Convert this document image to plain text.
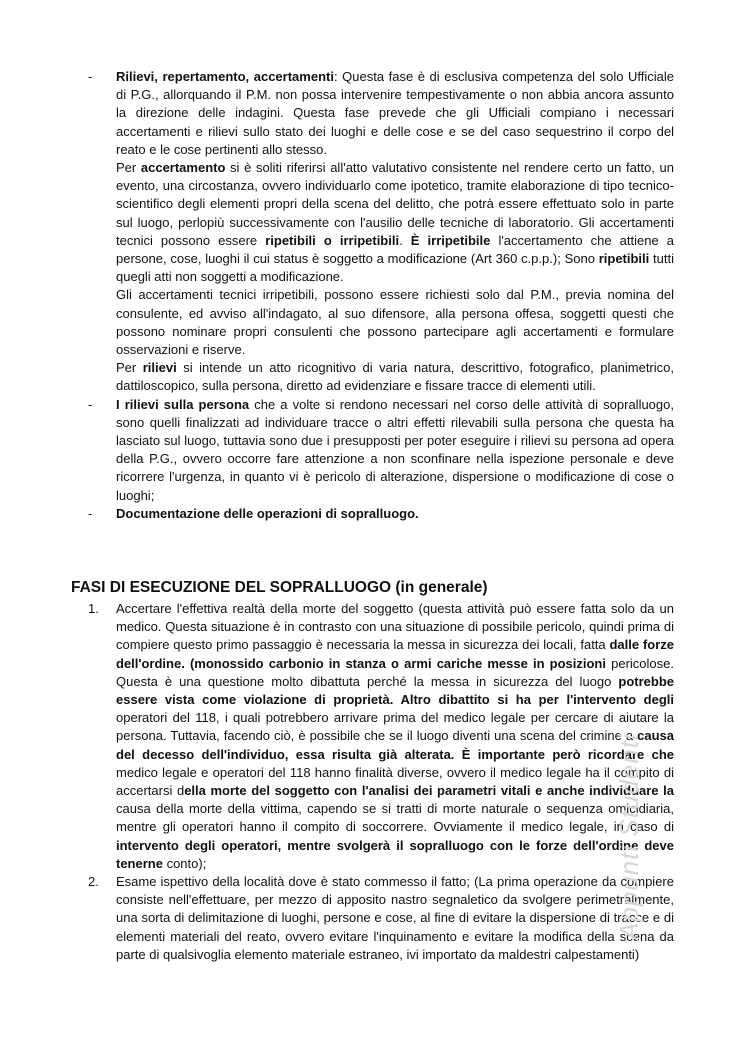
-	Rilievi, repertamento, accertamenti: Questa fase è di esclusiva competenza del solo Ufficiale di P.G., allorquando il P.M. non possa intervenire tempestivamente o non abbia ancora assunto la direzione delle indagini. Questa fase prevede che gli Ufficiali compiano i necessari accertamenti e rilievi sullo stato dei luoghi e delle cose e se del caso sequestrino il corpo del reato e le cose pertinenti allo stesso.

Per accertamento si è soliti riferirsi all'atto valutativo consistente nel rendere certo un fatto, un evento, una circostanza, ovvero individuarlo come ipotetico, tramite elaborazione di tipo tecnico-scientifico degli elementi propri della scena del delitto, che potrà essere effettuato solo in parte sul luogo, perlopiù successivamente con l'ausilio delle tecniche di laboratorio. Gli accertamenti tecnici possono essere ripetibili o irripetibili. È irripetibile l'accertamento che attiene a persone, cose, luoghi il cui status è soggetto a modificazione (Art 360 c.p.p.); Sono ripetibili tutti quegli atti non soggetti a modificazione.

Gli accertamenti tecnici irripetibili, possono essere richiesti solo dal P.M., previa nomina del consulente, ed avviso all'indagato, al suo difensore, alla persona offesa, soggetti questi che possono nominare propri consulenti che possono partecipare agli accertamenti e formulare osservazioni e riserve.

Per rilievi si intende un atto ricognitivo di varia natura, descrittivo, fotografico, planimetrico, dattiloscopico, sulla persona, diretto ad evidenziare e fissare tracce di elementi utili.

-	I rilievi sulla persona che a volte si rendono necessari nel corso delle attività di sopralluogo, sono quelli finalizzati ad individuare tracce o altri effetti rilevabili sulla persona che questa ha lasciato sul luogo, tuttavia sono due i presupposti per poter eseguire i rilievi su persona ad opera della P.G., ovvero occorre fare attenzione a non sconfinare nella ispezione personale e deve ricorrere l'urgenza, in quanto vi è pericolo di alterazione, dispersione o modificazione di cose o luoghi;

-	Documentazione delle operazioni di sopralluogo.

FASI DI ESECUZIONE DEL SOPRALLUOGO (in generale)
1.	Accertare l'effettiva realtà della morte del soggetto (questa attività può essere fatta solo da un medico. Questa situazione è in contrasto con una situazione di possibile pericolo, quindi prima di compiere questo primo passaggio è necessaria la messa in sicurezza dei locali, fatta dalle forze dell'ordine. (monossido carbonio in stanza o armi cariche messe in posizioni pericolose. Questa è una questione molto dibattuta perché la messa in sicurezza del luogo potrebbe essere vista come violazione di proprietà. Altro dibattito si ha per l'intervento degli operatori del 118, i quali potrebbero arrivare prima del medico legale per cercare di aiutare la persona. Tuttavia, facendo ciò, è possibile che se il luogo diventi una scena del crimine a causa del decesso dell'individuo, essa risulta già alterata. È importante però ricordare che medico legale e operatori del 118 hanno finalità diverse, ovvero il medico legale ha il compito di accertarsi della morte del soggetto con l'analisi dei parametri vitali e anche individuare la causa della morte della vittima, capendo se si tratti di morte naturale o sequenza omicidiaria, mentre gli operatori hanno il compito di soccorrere. Ovviamente il medico legale, in caso di intervento degli operatori, mentre svolgerà il sopralluogo con le forze dell'ordine deve tenerne conto);

2.	Esame ispettivo della località dove è stato commesso il fatto; (La prima operazione da compiere consiste nell'effettuare, per mezzo di apposito nastro segnaletico da svolgere perimetralmente, una sorta di delimitazione di luoghi, persone e cose, al fine di evitare la dispersione di tracce e di elementi materiali del reato, ovvero evitare l'inquinamento e evitare la modifica della scena da parte di qualsivoglia elemento materiale estraneo, ivi importato da maldestri calpestamenti)

Appunti Studenti
